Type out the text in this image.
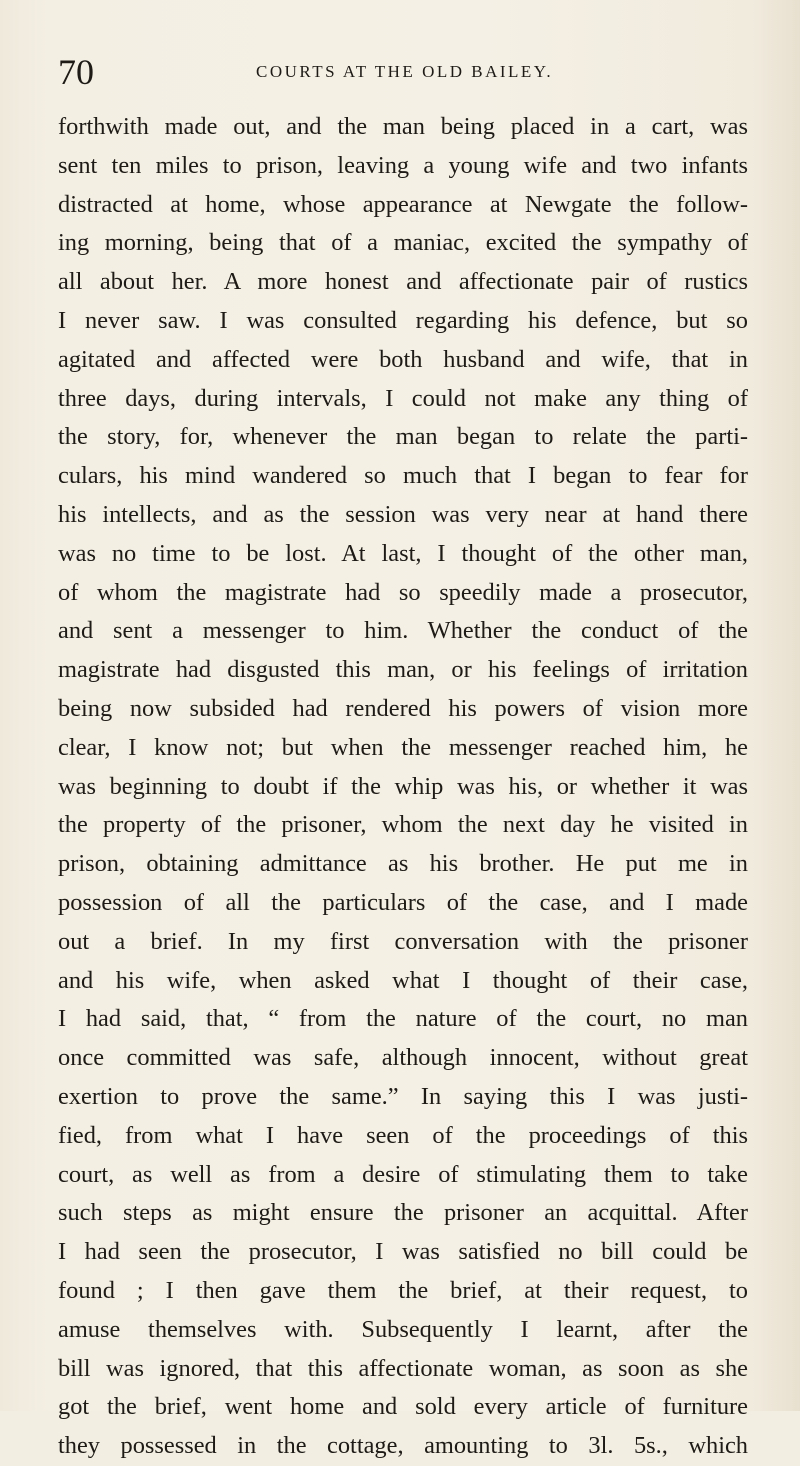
70	COURTS AT THE OLD BAILEY.
forthwith made out, and the man being placed in a cart, was
sent ten miles to prison, leaving a young wife and two infants
distracted at home, whose appearance at Newgate the follow-
ing morning, being that of a maniac, excited the sympathy of
all about her. A more honest and affectionate pair of rustics
I never saw. I was consulted regarding his defence, but so
agitated and affected were both husband and wife, that in
three days, during intervals, I could not make any thing of
the story, for, whenever the man began to relate the parti-
culars, his mind wandered so much that I began to fear for
his intellects, and as the session was very near at hand there
was no time to be lost. At last, I thought of the other man,
of whom the magistrate had so speedily made a prosecutor,
and sent a messenger to him. Whether the conduct of the
magistrate had disgusted this man, or his feelings of irritation
being now subsided had rendered his powers of vision more
clear, I know not; but when the messenger reached him, he
was beginning to doubt if the whip was his, or whether it was
the property of the prisoner, whom the next day he visited in
prison, obtaining admittance as his brother. He put me in
possession of all the particulars of the case, and I made
out a brief. In my first conversation with the prisoner
and his wife, when asked what I thought of their case,
I had said, that, “ from the nature of the court, no man
once committed was safe, although innocent, without great
exertion to prove the same.” In saying this I was justi-
fied, from what I have seen of the proceedings of this
court, as well as from a desire of stimulating them to take
such steps as might ensure the prisoner an acquittal. After
I had seen the prosecutor, I was satisfied no bill could be
found ; I then gave them the brief, at their request, to
amuse themselves with. Subsequently I learnt, after the
bill was ignored, that this affectionate woman, as soon as she
got the brief, went home and sold every article of furniture
they possessed in the cottage, amounting to 3l. 5s., which
